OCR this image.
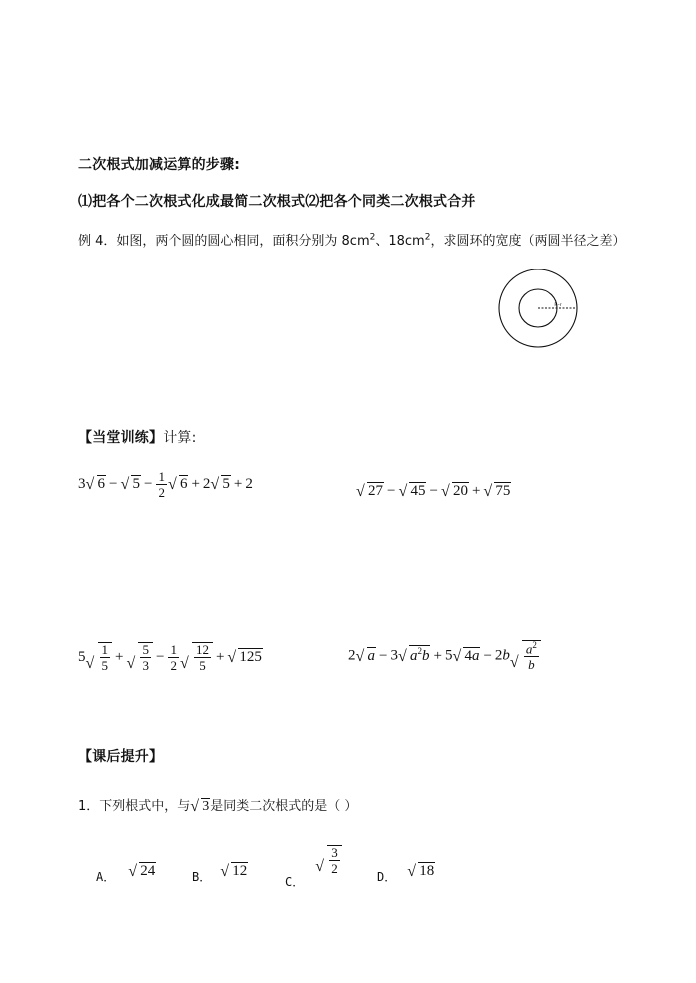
二次根式加减运算的步骤:
⑴把各个二次根式化成最简二次根式⑵把各个同类二次根式合并
例 4．如图，两个圆的圆心相同，面积分别为 $8cm^2$、$18cm^2$，求圆环的宽度（两圆半径之差）
R–r
【当堂训练】计算:
3√ 6 −√ $5 - \frac{1}{2}$
√ 6 + 2√ 5 + 2
√	27 −√ 45 −√ 20 +√ 75
5
√ $\frac{1}{5}$ +
√ $\frac{5}{3} - \frac{1}{2}$
√ $\frac{12}{5}$ +√ 125	2√ a − 3√ $a^2b + 5√$ 4a − 2b
√ $\frac{a^2}{b}$
【课后提升】
1．下列根式中，与√ 3是同类二次根式的是（ ）
A．√ 24	B．√ 12
$_{C.}$
√ $\frac{3}{2}$
D．√ 18
